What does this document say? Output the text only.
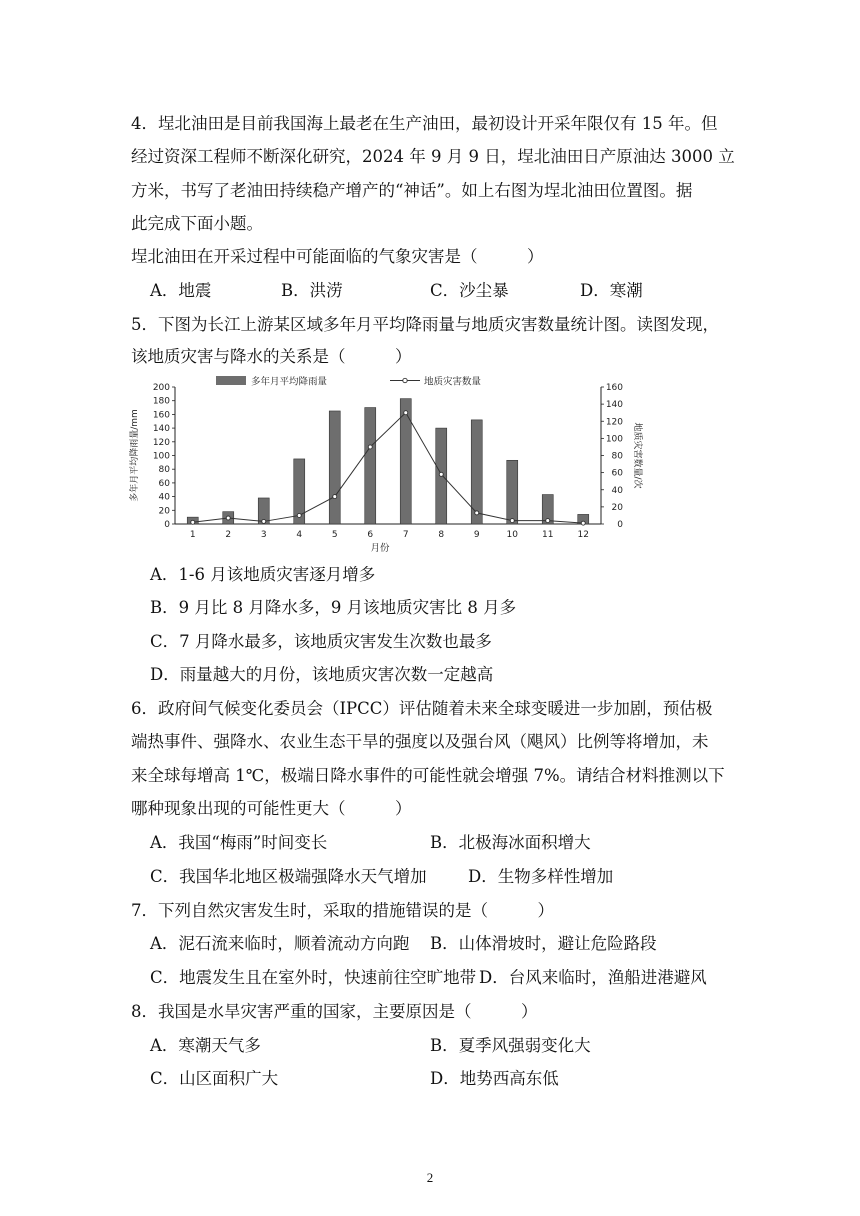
4．埕北油田是目前我国海上最老在生产油田，最初设计开采年限仅有 15 年。但
经过资深工程师不断深化研究，2024 年 9 月 9 日，埕北油田日产原油达 3000 立
方米，书写了老油田持续稳产增产的“神话”。如上右图为埕北油田位置图。据
此完成下面小题。
埕北油田在开采过程中可能面临的气象灾害是（　　　）
A．地震	B．洪涝	C．沙尘暴	D．寒潮
5．下图为长江上游某区域多年月平均降雨量与地质灾害数量统计图。读图发现，
该地质灾害与降水的关系是（　　　）
多年月平均降雨量	地质灾害数量
多年月平均降雨量/mm	地质灾害数量/次
月份
0
20
40
60
80
100
120
140
160
180
200
0
20
40
60
80
100
120
140
160
1	2	3	4	5	6	7	8	9	10	11	12
A．1-6 月该地质灾害逐月增多
B．9 月比 8 月降水多，9 月该地质灾害比 8 月多
C．7 月降水最多，该地质灾害发生次数也最多
D．雨量越大的月份，该地质灾害次数一定越高
6．政府间气候变化委员会（IPCC）评估随着未来全球变暖进一步加剧，预估极
端热事件、强降水、农业生态干旱的强度以及强台风（飓风）比例等将增加，未
来全球每增高 1℃，极端日降水事件的可能性就会增强 7%。请结合材料推测以下
哪种现象出现的可能性更大（　　　）
A．我国“梅雨”时间变长	B．北极海冰面积增大
C．我国华北地区极端强降水天气增加	D．生物多样性增加
7．下列自然灾害发生时，采取的措施错误的是（　　　）
A．泥石流来临时，顺着流动方向跑 B．山体滑坡时，避让危险路段
C．地震发生且在室外时，快速前往空旷地带 D．台风来临时，渔船进港避风
8．我国是水旱灾害严重的国家，主要原因是（　　　）
A．寒潮天气多	B．夏季风强弱变化大
C．山区面积广大	D．地势西高东低
2
